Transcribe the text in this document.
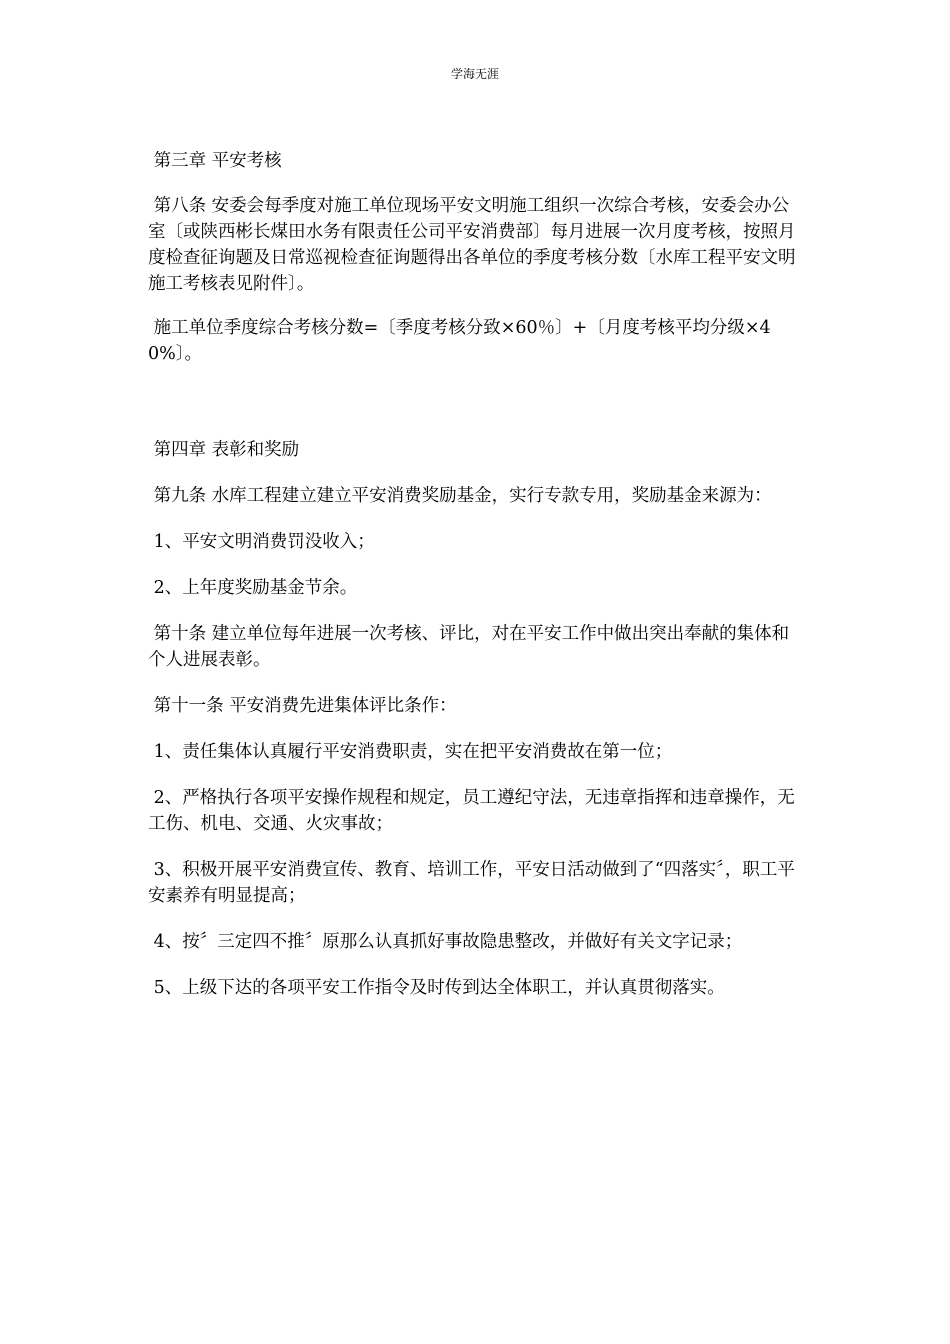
学海无涯

第三章 平安考核

第八条 安委会每季度对施工单位现场平安文明施工组织一次综合考核，安委会办公室〔或陕西彬长煤田水务有限责任公司平安消费部〕每月进展一次月度考核，按照月度检查征询题及日常巡视检查征询题得出各单位的季度考核分数〔水库工程平安文明施工考核表见附件〕。

施工单位季度综合考核分数=〔季度考核分致×60％〕+〔月度考核平均分级×40%〕。

第四章 表彰和奖励

第九条 水库工程建立建立平安消费奖励基金，实行专款专用，奖励基金来源为：

1、平安文明消费罚没收入；

2、上年度奖励基金节余。

第十条 建立单位每年进展一次考核、评比，对在平安工作中做出突出奉献的集体和个人进展表彰。

第十一条 平安消费先进集体评比条作：

1、责任集体认真履行平安消费职责，实在把平安消费故在第一位；

2、严格执行各项平安操作规程和规定，员工遵纪守法，无违章指挥和违章操作，无工伤、机电、交通、火灾事故；

3、积极开展平安消费宣传、教育、培训工作，平安日活动做到了“四落实〞，职工平安素养有明显提高；

4、按〞三定四不推〞原那么认真抓好事故隐患整改，并做好有关文字记录；

5、上级下达的各项平安工作指令及时传到达全体职工，并认真贯彻落实。
